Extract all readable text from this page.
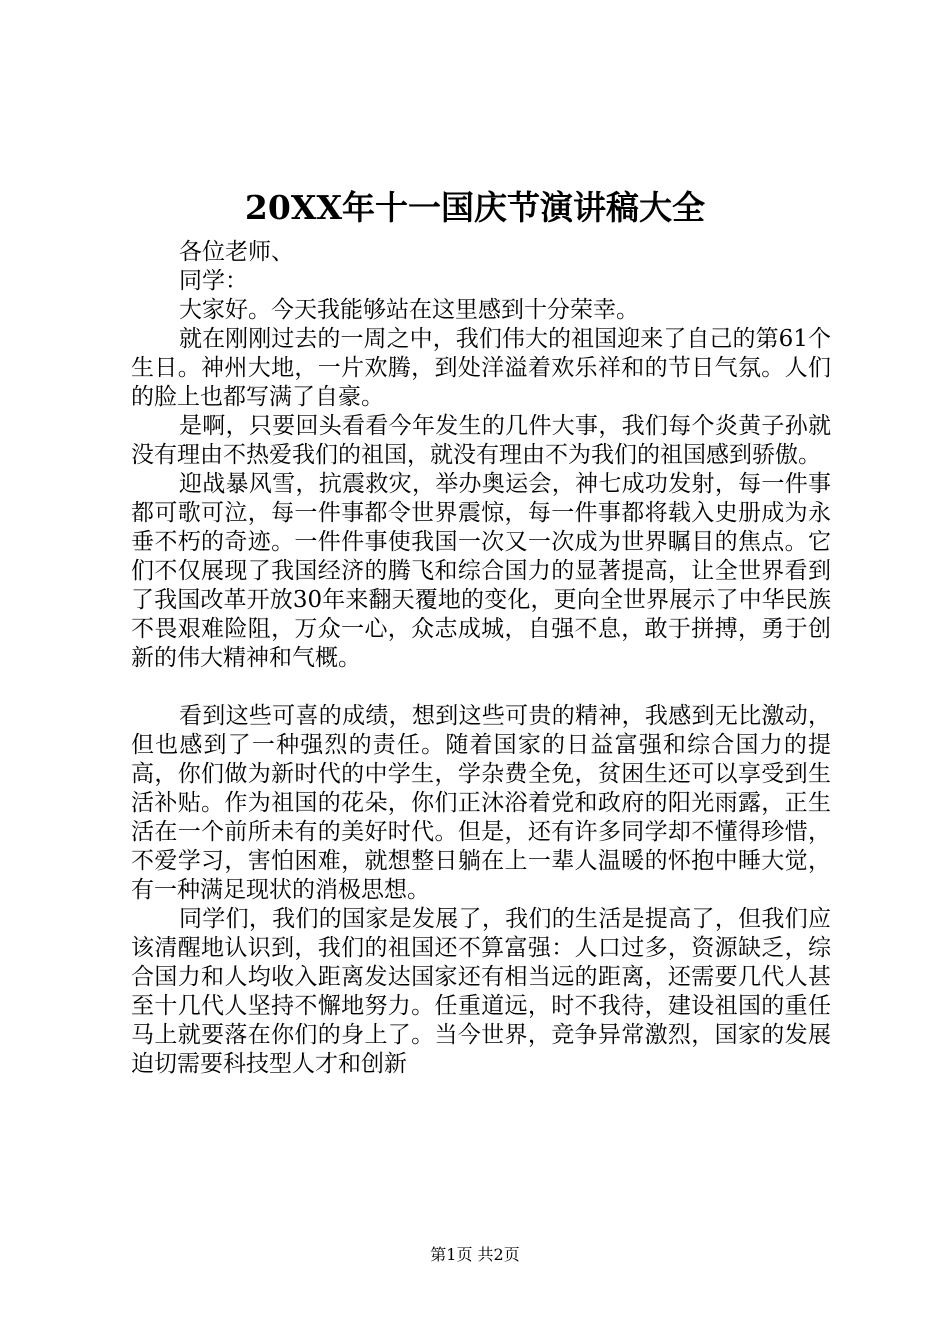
20XX年十一国庆节演讲稿大全

各位老师、

同学：

大家好。今天我能够站在这里感到十分荣幸。

就在刚刚过去的一周之中，我们伟大的祖国迎来了自己的第61个生日。神州大地，一片欢腾，到处洋溢着欢乐祥和的节日气氛。人们的脸上也都写满了自豪。

是啊，只要回头看看今年发生的几件大事，我们每个炎黄子孙就没有理由不热爱我们的祖国，就没有理由不为我们的祖国感到骄傲。

迎战暴风雪，抗震救灾，举办奥运会，神七成功发射，每一件事都可歌可泣，每一件事都令世界震惊，每一件事都将载入史册成为永垂不朽的奇迹。一件件事使我国一次又一次成为世界瞩目的焦点。它们不仅展现了我国经济的腾飞和综合国力的显著提高，让全世界看到了我国改革开放30年来翻天覆地的变化，更向全世界展示了中华民族不畏艰难险阻，万众一心，众志成城，自强不息，敢于拼搏，勇于创新的伟大精神和气概。

看到这些可喜的成绩，想到这些可贵的精神，我感到无比激动，但也感到了一种强烈的责任。随着国家的日益富强和综合国力的提高，你们做为新时代的中学生，学杂费全免，贫困生还可以享受到生活补贴。作为祖国的花朵，你们正沐浴着党和政府的阳光雨露，正生活在一个前所未有的美好时代。但是，还有许多同学却不懂得珍惜，不爱学习，害怕困难，就想整日躺在上一辈人温暖的怀抱中睡大觉，有一种满足现状的消极思想。

同学们，我们的国家是发展了，我们的生活是提高了，但我们应该清醒地认识到，我们的祖国还不算富强：人口过多，资源缺乏，综合国力和人均收入距离发达国家还有相当远的距离，还需要几代人甚至十几代人坚持不懈地努力。任重道远，时不我待，建设祖国的重任马上就要落在你们的身上了。当今世界，竞争异常激烈，国家的发展迫切需要科技型人才和创新

第1页 共2页
